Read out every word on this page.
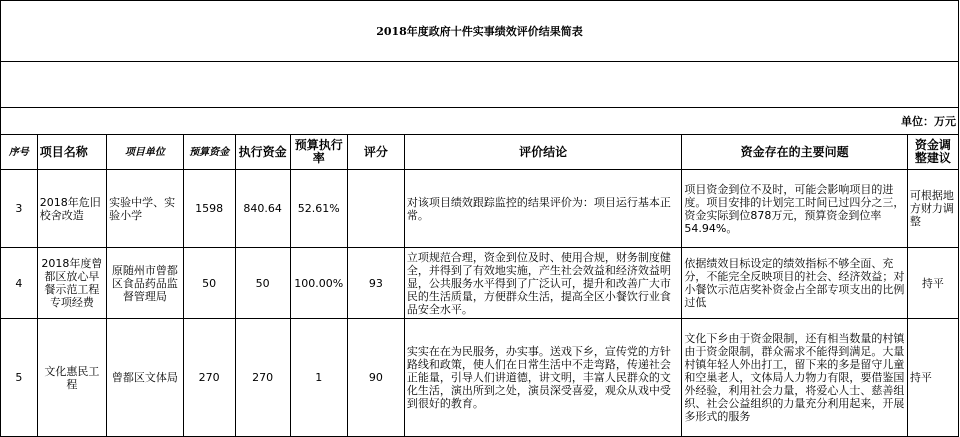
2018年度政府十件实事绩效评价结果简表									

单位：万元									
序号	项目名称	项目单位	预算资金	执行资金	预算执行率	评分	评价结论	资金存在的主要问题	资金调整建议
3	2018年危旧校舍改造	实验中学、实验小学	1598	840.64	52.61%		对该项目绩效跟踪监控的结果评价为：项目运行基本正常。	项目资金到位不及时，可能会影响项目的进度。项目安排的计划完工时间已过四分之三，资金实际到位878万元，预算资金到位率54.94%。	可根据地方财力调整
4	2018年度曾都区放心早餐示范工程专项经费	原随州市曾都区食品药品监督管理局	50	50	100.00%	93	立项规范合理，资金到位及时、使用合规，财务制度健全，并得到了有效地实施，产生社会效益和经济效益明显，公共服务水平得到了广泛认可，提升和改善广大市民的生活质量，方便群众生活，提高全区小餐饮行业食品安全水平。	依据绩效目标设定的绩效指标不够全面、充分，不能完全反映项目的社会、经济效益；对小餐饮示范店奖补资金占全部专项支出的比例过低	持平
5	文化惠民工程	曾都区文体局	270	270	1	90	实实在在为民服务，办实事。送戏下乡，宣传党的方针路线和政策，使人们在日常生活中不走弯路，传递社会正能量，引导人们讲道德，讲文明，丰富人民群众的文化生活，演出所到之处，演员深受喜爱，观众从戏中受到很好的教育。	文化下乡由于资金限制，还有相当数量的村镇由于资金限制，群众需求不能得到满足。大量村镇年轻人外出打工，留下来的多是留守儿童和空巢老人，文体局人力物力有限，要借鉴国外经验，利用社会力量，将爱心人士、慈善组织、社会公益组织的力量充分利用起来，开展多形式的服务	持平
